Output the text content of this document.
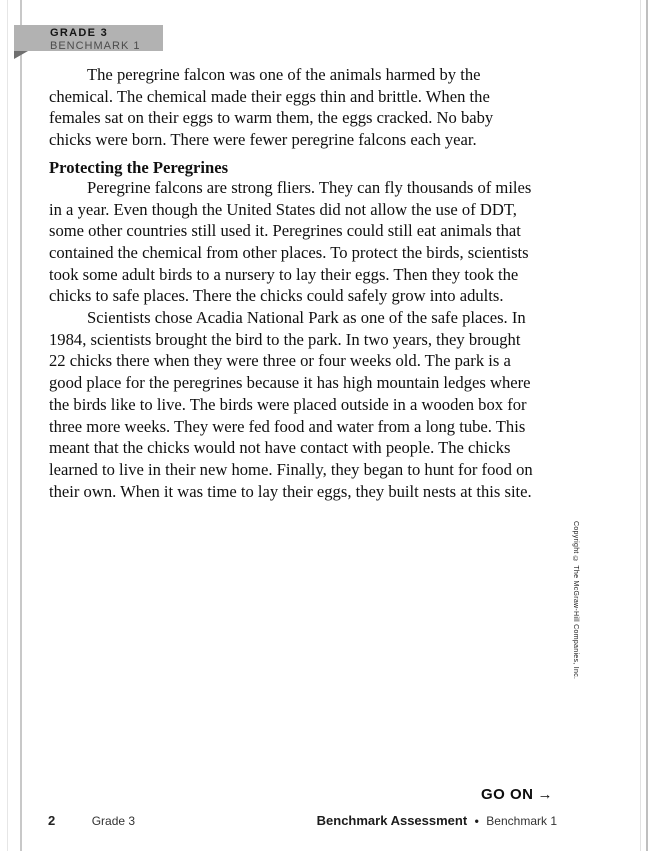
GRADE 3
BENCHMARK 1

The peregrine falcon was one of the animals harmed by the chemical. The chemical made their eggs thin and brittle. When the females sat on their eggs to warm them, the eggs cracked. No baby chicks were born. There were fewer peregrine falcons each year.

Protecting the Peregrines

Peregrine falcons are strong fliers. They can fly thousands of miles in a year. Even though the United States did not allow the use of DDT, some other countries still used it. Peregrines could still eat animals that contained the chemical from other places. To protect the birds, scientists took some adult birds to a nursery to lay their eggs. Then they took the chicks to safe places. There the chicks could safely grow into adults.

Scientists chose Acadia National Park as one of the safe places. In 1984, scientists brought the bird to the park. In two years, they brought 22 chicks there when they were three or four weeks old. The park is a good place for the peregrines because it has high mountain ledges where the birds like to live. The birds were placed outside in a wooden box for three more weeks. They were fed food and water from a long tube. This meant that the chicks would not have contact with people. The chicks learned to live in their new home. Finally, they began to hunt for food on their own. When it was time to lay their eggs, they built nests at this site.

Copyright © The McGraw-Hill Companies, Inc.
GO ON →
2	Grade 3	Benchmark Assessment • Benchmark 1
